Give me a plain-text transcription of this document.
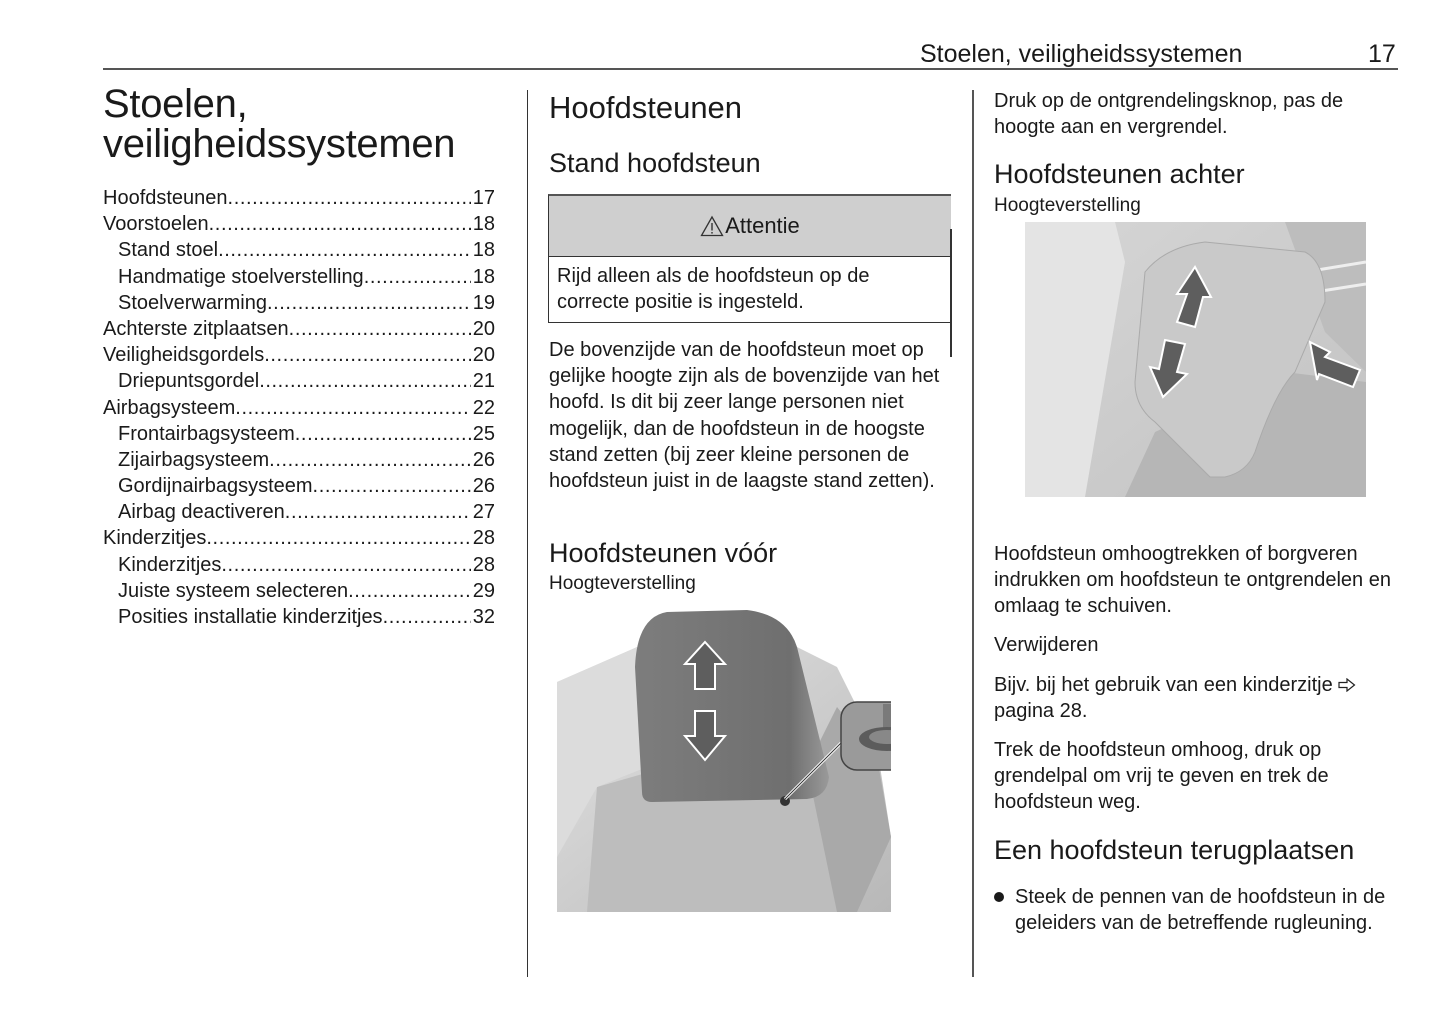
Stoelen, veiligheidssystemen	17
Stoelen,
veiligheidssystemen
Hoofdsteunen .....	17
Voorstoelen .....	18
Stand stoel .....	18
Handmatige stoelverstelling .....	18
Stoelverwarming .....	19
Achterste zitplaatsen .....	20
Veiligheidsgordels .....	20
Driepuntsgordel .....	21
Airbagsysteem .....	22
Frontairbagsysteem .....	25
Zijairbagsysteem .....	26
Gordijnairbagsysteem .....	26
Airbag deactiveren .....	27
Kinderzitjes .....	28
Kinderzitjes .....	28
Juiste systeem selecteren .....	29
Posities installatie kinderzitjes .....	32
Hoofdsteunen
Stand hoofdsteun
Attentie
Rijd alleen als de hoofdsteun op de correcte positie is ingesteld.

De bovenzijde van de hoofdsteun moet op gelijke hoogte zijn als de bovenzijde van het hoofd. Is dit bij zeer lange personen niet mogelijk, dan de hoofdsteun in de hoogste stand zetten (bij zeer kleine personen de hoofdsteun juist in de laagste stand zetten).

Hoofdsteunen vóór
Hoogteverstelling

Druk op de ontgrendelingsknop, pas de hoogte aan en vergrendel.

Hoofdsteunen achter
Hoogteverstelling

Hoofdsteun omhoogtrekken of borgveren indrukken om hoofdsteun te ontgrendelen en omlaag te schuiven.

Verwijderen

Bijv. bij het gebruik van een kinderzitje
pagina 28.

Trek de hoofdsteun omhoog, druk op grendelpal om vrij te geven en trek de hoofdsteun weg.

Een hoofdsteun terugplaatsen
Steek de pennen van de hoofdsteun in de geleiders van de betreffende rugleuning.
